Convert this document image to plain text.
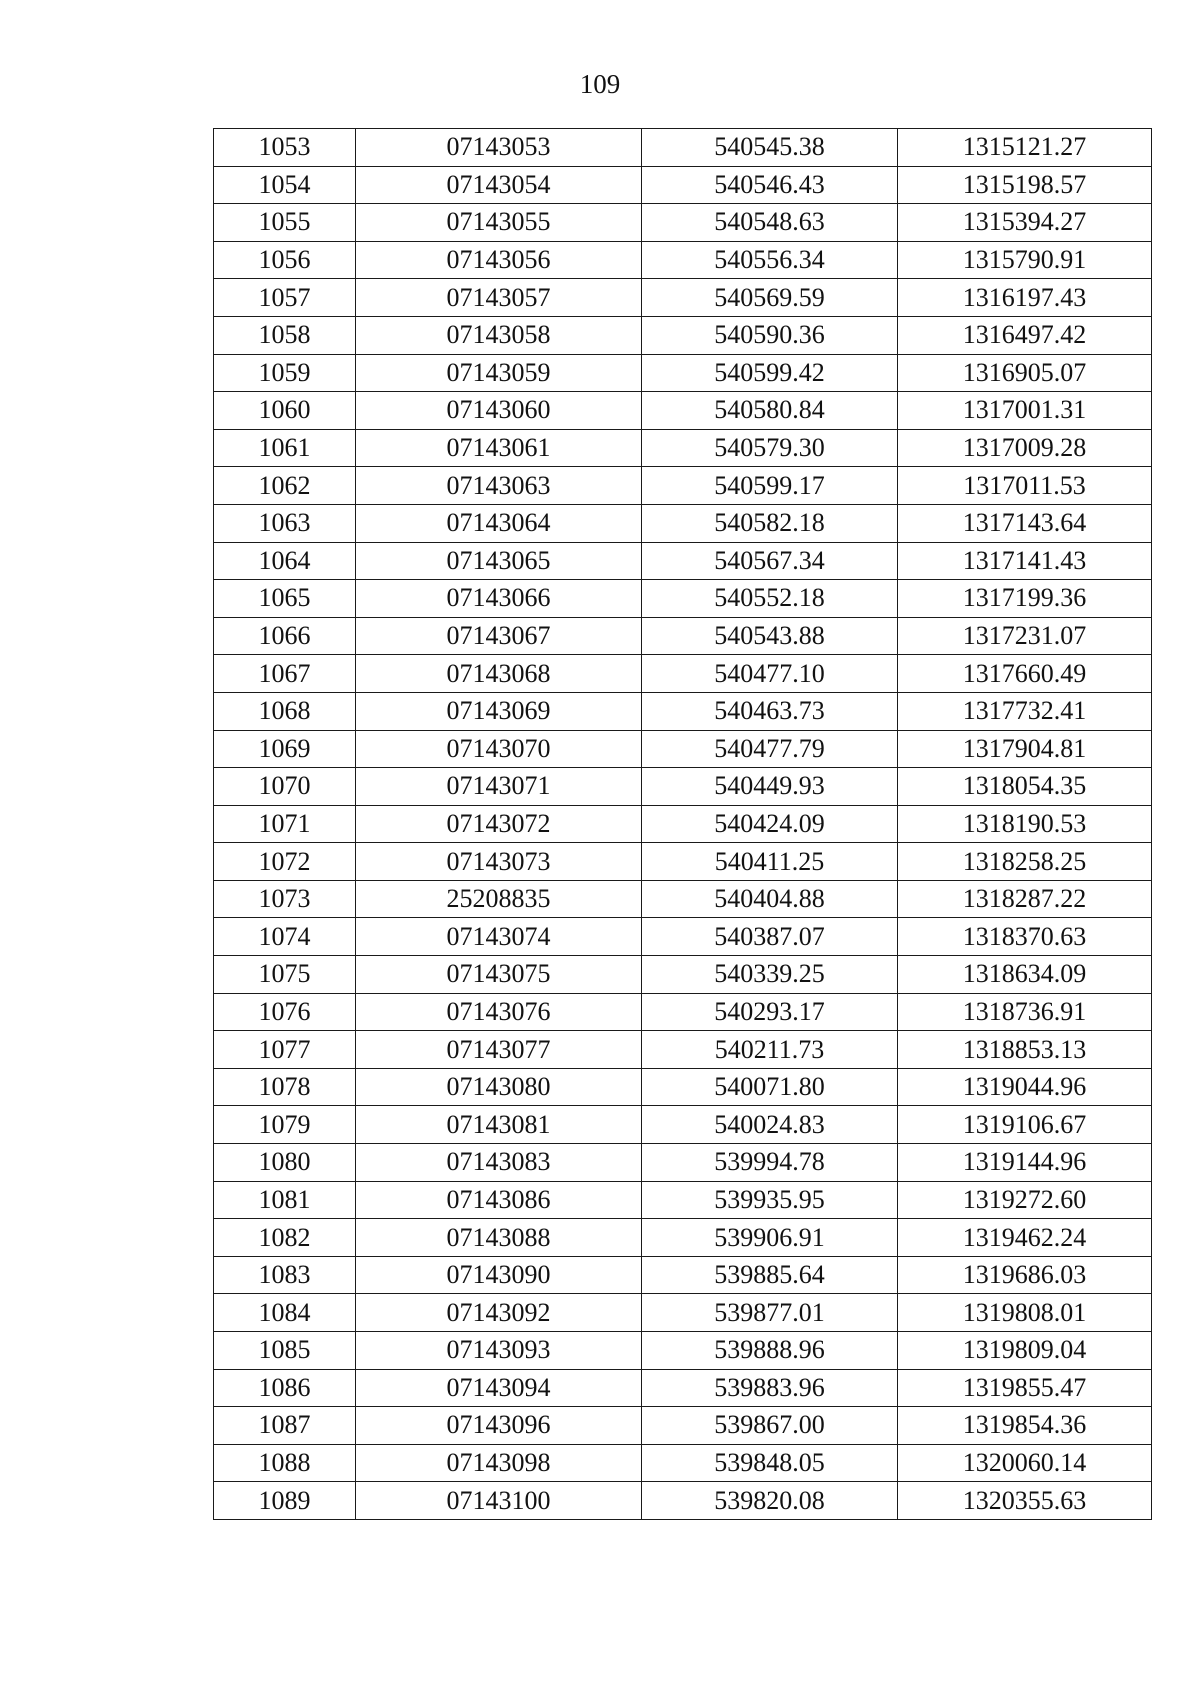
109
1053	07143053	540545.38	1315121.27
1054	07143054	540546.43	1315198.57
1055	07143055	540548.63	1315394.27
1056	07143056	540556.34	1315790.91
1057	07143057	540569.59	1316197.43
1058	07143058	540590.36	1316497.42
1059	07143059	540599.42	1316905.07
1060	07143060	540580.84	1317001.31
1061	07143061	540579.30	1317009.28
1062	07143063	540599.17	1317011.53
1063	07143064	540582.18	1317143.64
1064	07143065	540567.34	1317141.43
1065	07143066	540552.18	1317199.36
1066	07143067	540543.88	1317231.07
1067	07143068	540477.10	1317660.49
1068	07143069	540463.73	1317732.41
1069	07143070	540477.79	1317904.81
1070	07143071	540449.93	1318054.35
1071	07143072	540424.09	1318190.53
1072	07143073	540411.25	1318258.25
1073	25208835	540404.88	1318287.22
1074	07143074	540387.07	1318370.63
1075	07143075	540339.25	1318634.09
1076	07143076	540293.17	1318736.91
1077	07143077	540211.73	1318853.13
1078	07143080	540071.80	1319044.96
1079	07143081	540024.83	1319106.67
1080	07143083	539994.78	1319144.96
1081	07143086	539935.95	1319272.60
1082	07143088	539906.91	1319462.24
1083	07143090	539885.64	1319686.03
1084	07143092	539877.01	1319808.01
1085	07143093	539888.96	1319809.04
1086	07143094	539883.96	1319855.47
1087	07143096	539867.00	1319854.36
1088	07143098	539848.05	1320060.14
1089	07143100	539820.08	1320355.63
